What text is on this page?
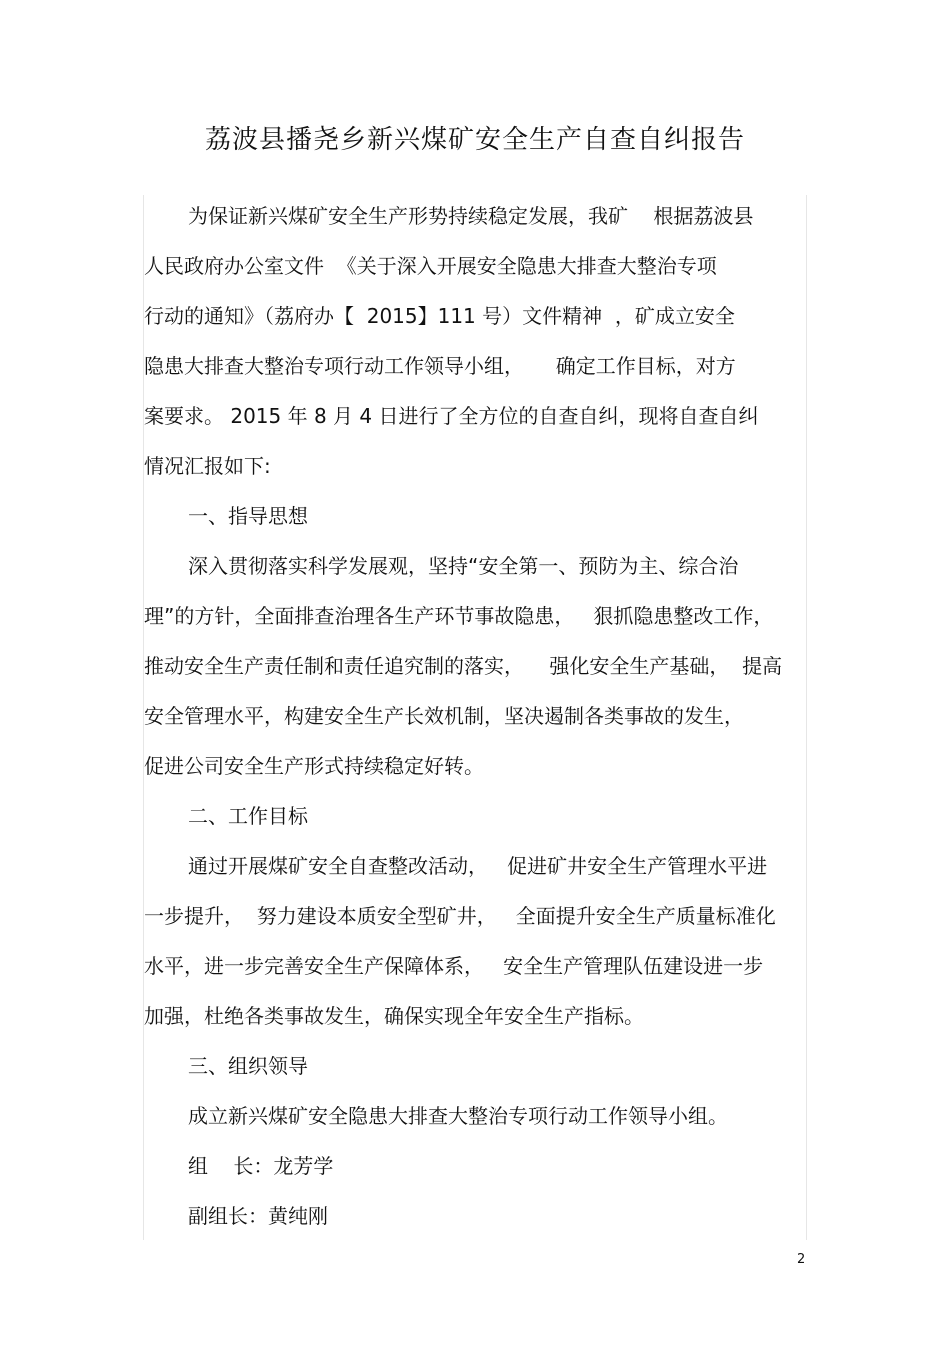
荔波县播尧乡新兴煤矿安全生产自查自纠报告
为保证新兴煤矿安全生产形势持续稳定发展，我矿    根据荔波县
人民政府办公室文件  《关于深入开展安全隐患大排查大整治专项
行动的通知》（荔府办【  2015】111 号）文件精神  ，矿成立安全
隐患大排查大整治专项行动工作领导小组，     确定工作目标，对方
案要求。 2015 年 8 月 4 日进行了全方位的自查自纠，现将自查自纠
情况汇报如下:
一、指导思想
深入贯彻落实科学发展观，坚持“安全第一、预防为主、综合治
理”的方针，全面排查治理各生产环节事故隐患，   狠抓隐患整改工作，
推动安全生产责任制和责任追究制的落实，    强化安全生产基础，  提高
安全管理水平，构建安全生产长效机制，坚决遏制各类事故的发生，
促进公司安全生产形式持续稳定好转。
二、工作目标
通过开展煤矿安全自查整改活动，   促进矿井安全生产管理水平进
一步提升，  努力建设本质安全型矿井，   全面提升安全生产质量标准化
水平，进一步完善安全生产保障体系，   安全生产管理队伍建设进一步
加强，杜绝各类事故发生，确保实现全年安全生产指标。
三、组织领导
成立新兴煤矿安全隐患大排查大整治专项行动工作领导小组。
组    长：龙芳学
副组长：黄纯刚
2
